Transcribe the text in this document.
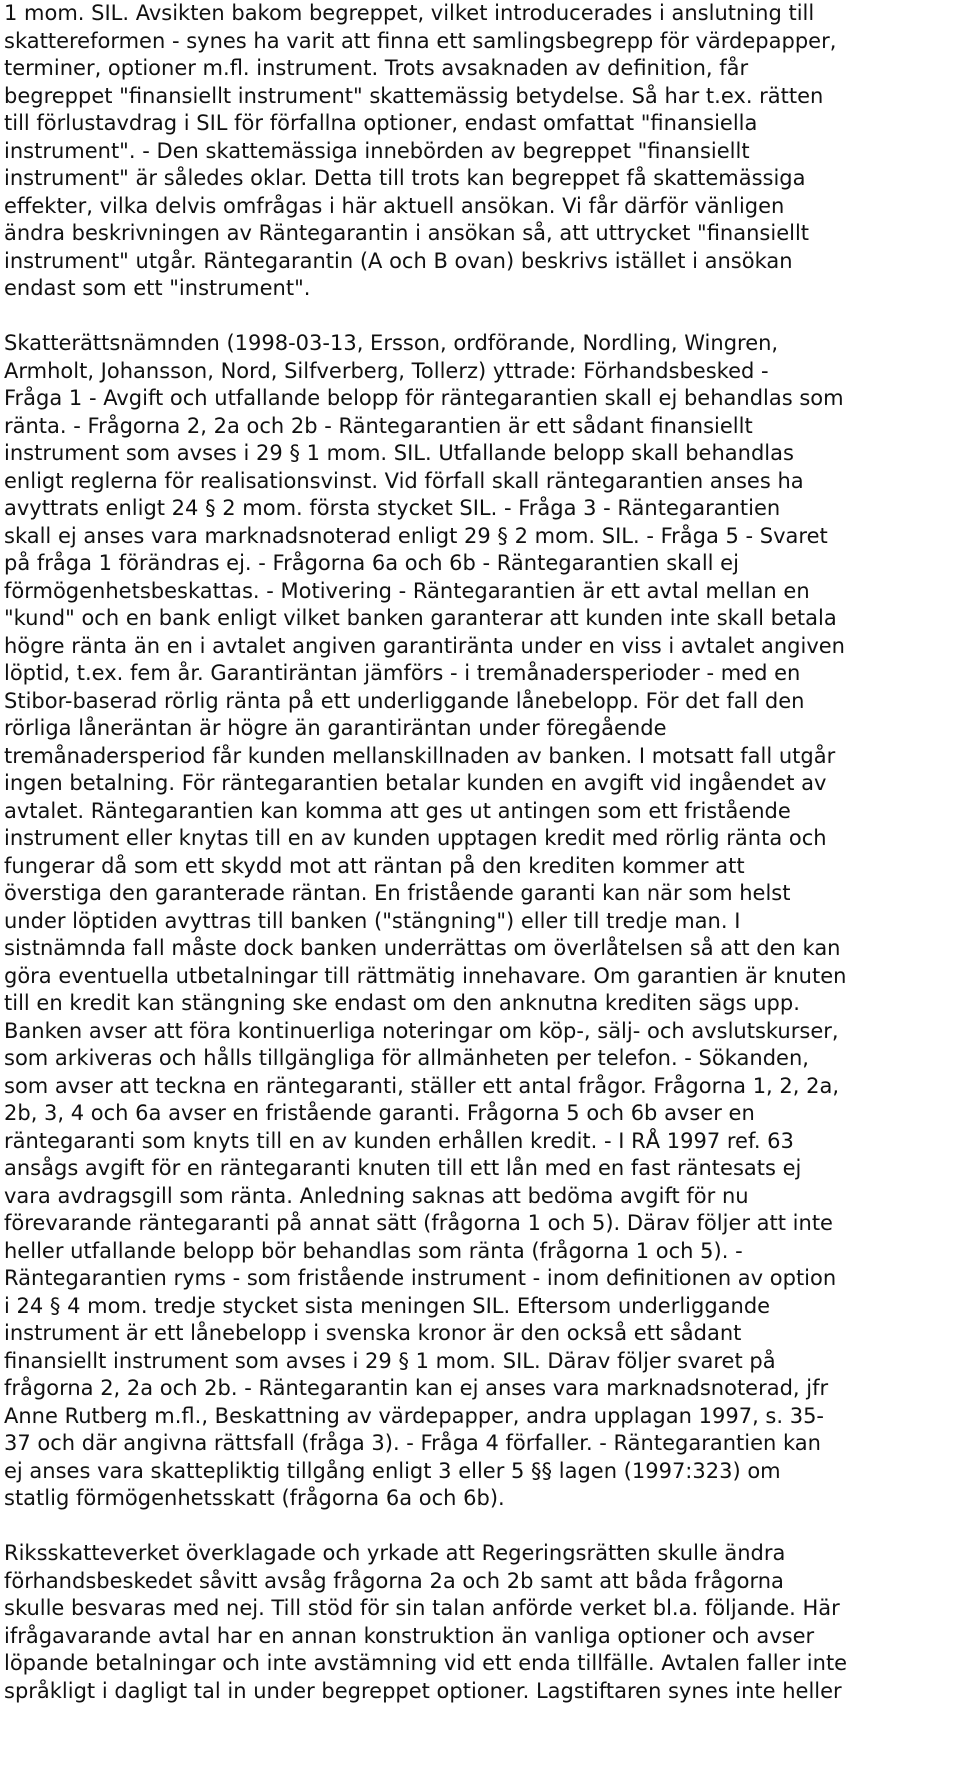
1 mom. SIL. Avsikten bakom begreppet, vilket introducerades i anslutning till
skattereformen - synes ha varit att finna ett samlingsbegrepp för värdepapper,
terminer, optioner m.fl. instrument. Trots avsaknaden av definition, får
begreppet "finansiellt instrument" skattemässig betydelse. Så har t.ex. rätten
till förlustavdrag i SIL för förfallna optioner, endast omfattat "finansiella
instrument". - Den skattemässiga innebörden av begreppet "finansiellt
instrument" är således oklar. Detta till trots kan begreppet få skattemässiga
effekter, vilka delvis omfrågas i här aktuell ansökan. Vi får därför vänligen
ändra beskrivningen av Räntegarantin i ansökan så, att uttrycket "finansiellt
instrument" utgår. Räntegarantin (A och B ovan) beskrivs istället i ansökan
endast som ett "instrument".

Skatterättsnämnden (1998-03-13, Ersson, ordförande, Nordling, Wingren,
Armholt, Johansson, Nord, Silfverberg, Tollerz) yttrade: Förhandsbesked -
Fråga 1 - Avgift och utfallande belopp för räntegarantien skall ej behandlas som
ränta. - Frågorna 2, 2a och 2b - Räntegarantien är ett sådant finansiellt
instrument som avses i 29 § 1 mom. SIL. Utfallande belopp skall behandlas
enligt reglerna för realisationsvinst. Vid förfall skall räntegarantien anses ha
avyttrats enligt 24 § 2 mom. första stycket SIL. - Fråga 3 - Räntegarantien
skall ej anses vara marknadsnoterad enligt 29 § 2 mom. SIL. - Fråga 5 - Svaret
på fråga 1 förändras ej. - Frågorna 6a och 6b - Räntegarantien skall ej
förmögenhetsbeskattas. - Motivering - Räntegarantien är ett avtal mellan en
"kund" och en bank enligt vilket banken garanterar att kunden inte skall betala
högre ränta än en i avtalet angiven garantiränta under en viss i avtalet angiven
löptid, t.ex. fem år. Garantiräntan jämförs - i tremånadersperioder - med en
Stibor-baserad rörlig ränta på ett underliggande lånebelopp. För det fall den
rörliga låneräntan är högre än garantiräntan under föregående
tremånadersperiod får kunden mellanskillnaden av banken. I motsatt fall utgår
ingen betalning. För räntegarantien betalar kunden en avgift vid ingåendet av
avtalet. Räntegarantien kan komma att ges ut antingen som ett fristående
instrument eller knytas till en av kunden upptagen kredit med rörlig ränta och
fungerar då som ett skydd mot att räntan på den krediten kommer att
överstiga den garanterade räntan. En fristående garanti kan när som helst
under löptiden avyttras till banken ("stängning") eller till tredje man. I
sistnämnda fall måste dock banken underrättas om överlåtelsen så att den kan
göra eventuella utbetalningar till rättmätig innehavare. Om garantien är knuten
till en kredit kan stängning ske endast om den anknutna krediten sägs upp.
Banken avser att föra kontinuerliga noteringar om köp-, sälj- och avslutskurser,
som arkiveras och hålls tillgängliga för allmänheten per telefon. - Sökanden,
som avser att teckna en räntegaranti, ställer ett antal frågor. Frågorna 1, 2, 2a,
2b, 3, 4 och 6a avser en fristående garanti. Frågorna 5 och 6b avser en
räntegaranti som knyts till en av kunden erhållen kredit. - I RÅ 1997 ref. 63
ansågs avgift för en räntegaranti knuten till ett lån med en fast räntesats ej
vara avdragsgill som ränta. Anledning saknas att bedöma avgift för nu
förevarande räntegaranti på annat sätt (frågorna 1 och 5). Därav följer att inte
heller utfallande belopp bör behandlas som ränta (frågorna 1 och 5). -
Räntegarantien ryms - som fristående instrument - inom definitionen av option
i 24 § 4 mom. tredje stycket sista meningen SIL. Eftersom underliggande
instrument är ett lånebelopp i svenska kronor är den också ett sådant
finansiellt instrument som avses i 29 § 1 mom. SIL. Därav följer svaret på
frågorna 2, 2a och 2b. - Räntegarantin kan ej anses vara marknadsnoterad, jfr
Anne Rutberg m.fl., Beskattning av värdepapper, andra upplagan 1997, s. 35-
37 och där angivna rättsfall (fråga 3). - Fråga 4 förfaller. - Räntegarantien kan
ej anses vara skattepliktig tillgång enligt 3 eller 5 §§ lagen (1997:323) om
statlig förmögenhetsskatt (frågorna 6a och 6b).

Riksskatteverket överklagade och yrkade att Regeringsrätten skulle ändra
förhandsbeskedet såvitt avsåg frågorna 2a och 2b samt att båda frågorna
skulle besvaras med nej. Till stöd för sin talan anförde verket bl.a. följande. Här
ifrågavarande avtal har en annan konstruktion än vanliga optioner och avser
löpande betalningar och inte avstämning vid ett enda tillfälle. Avtalen faller inte
språkligt i dagligt tal in under begreppet optioner. Lagstiftaren synes inte heller
